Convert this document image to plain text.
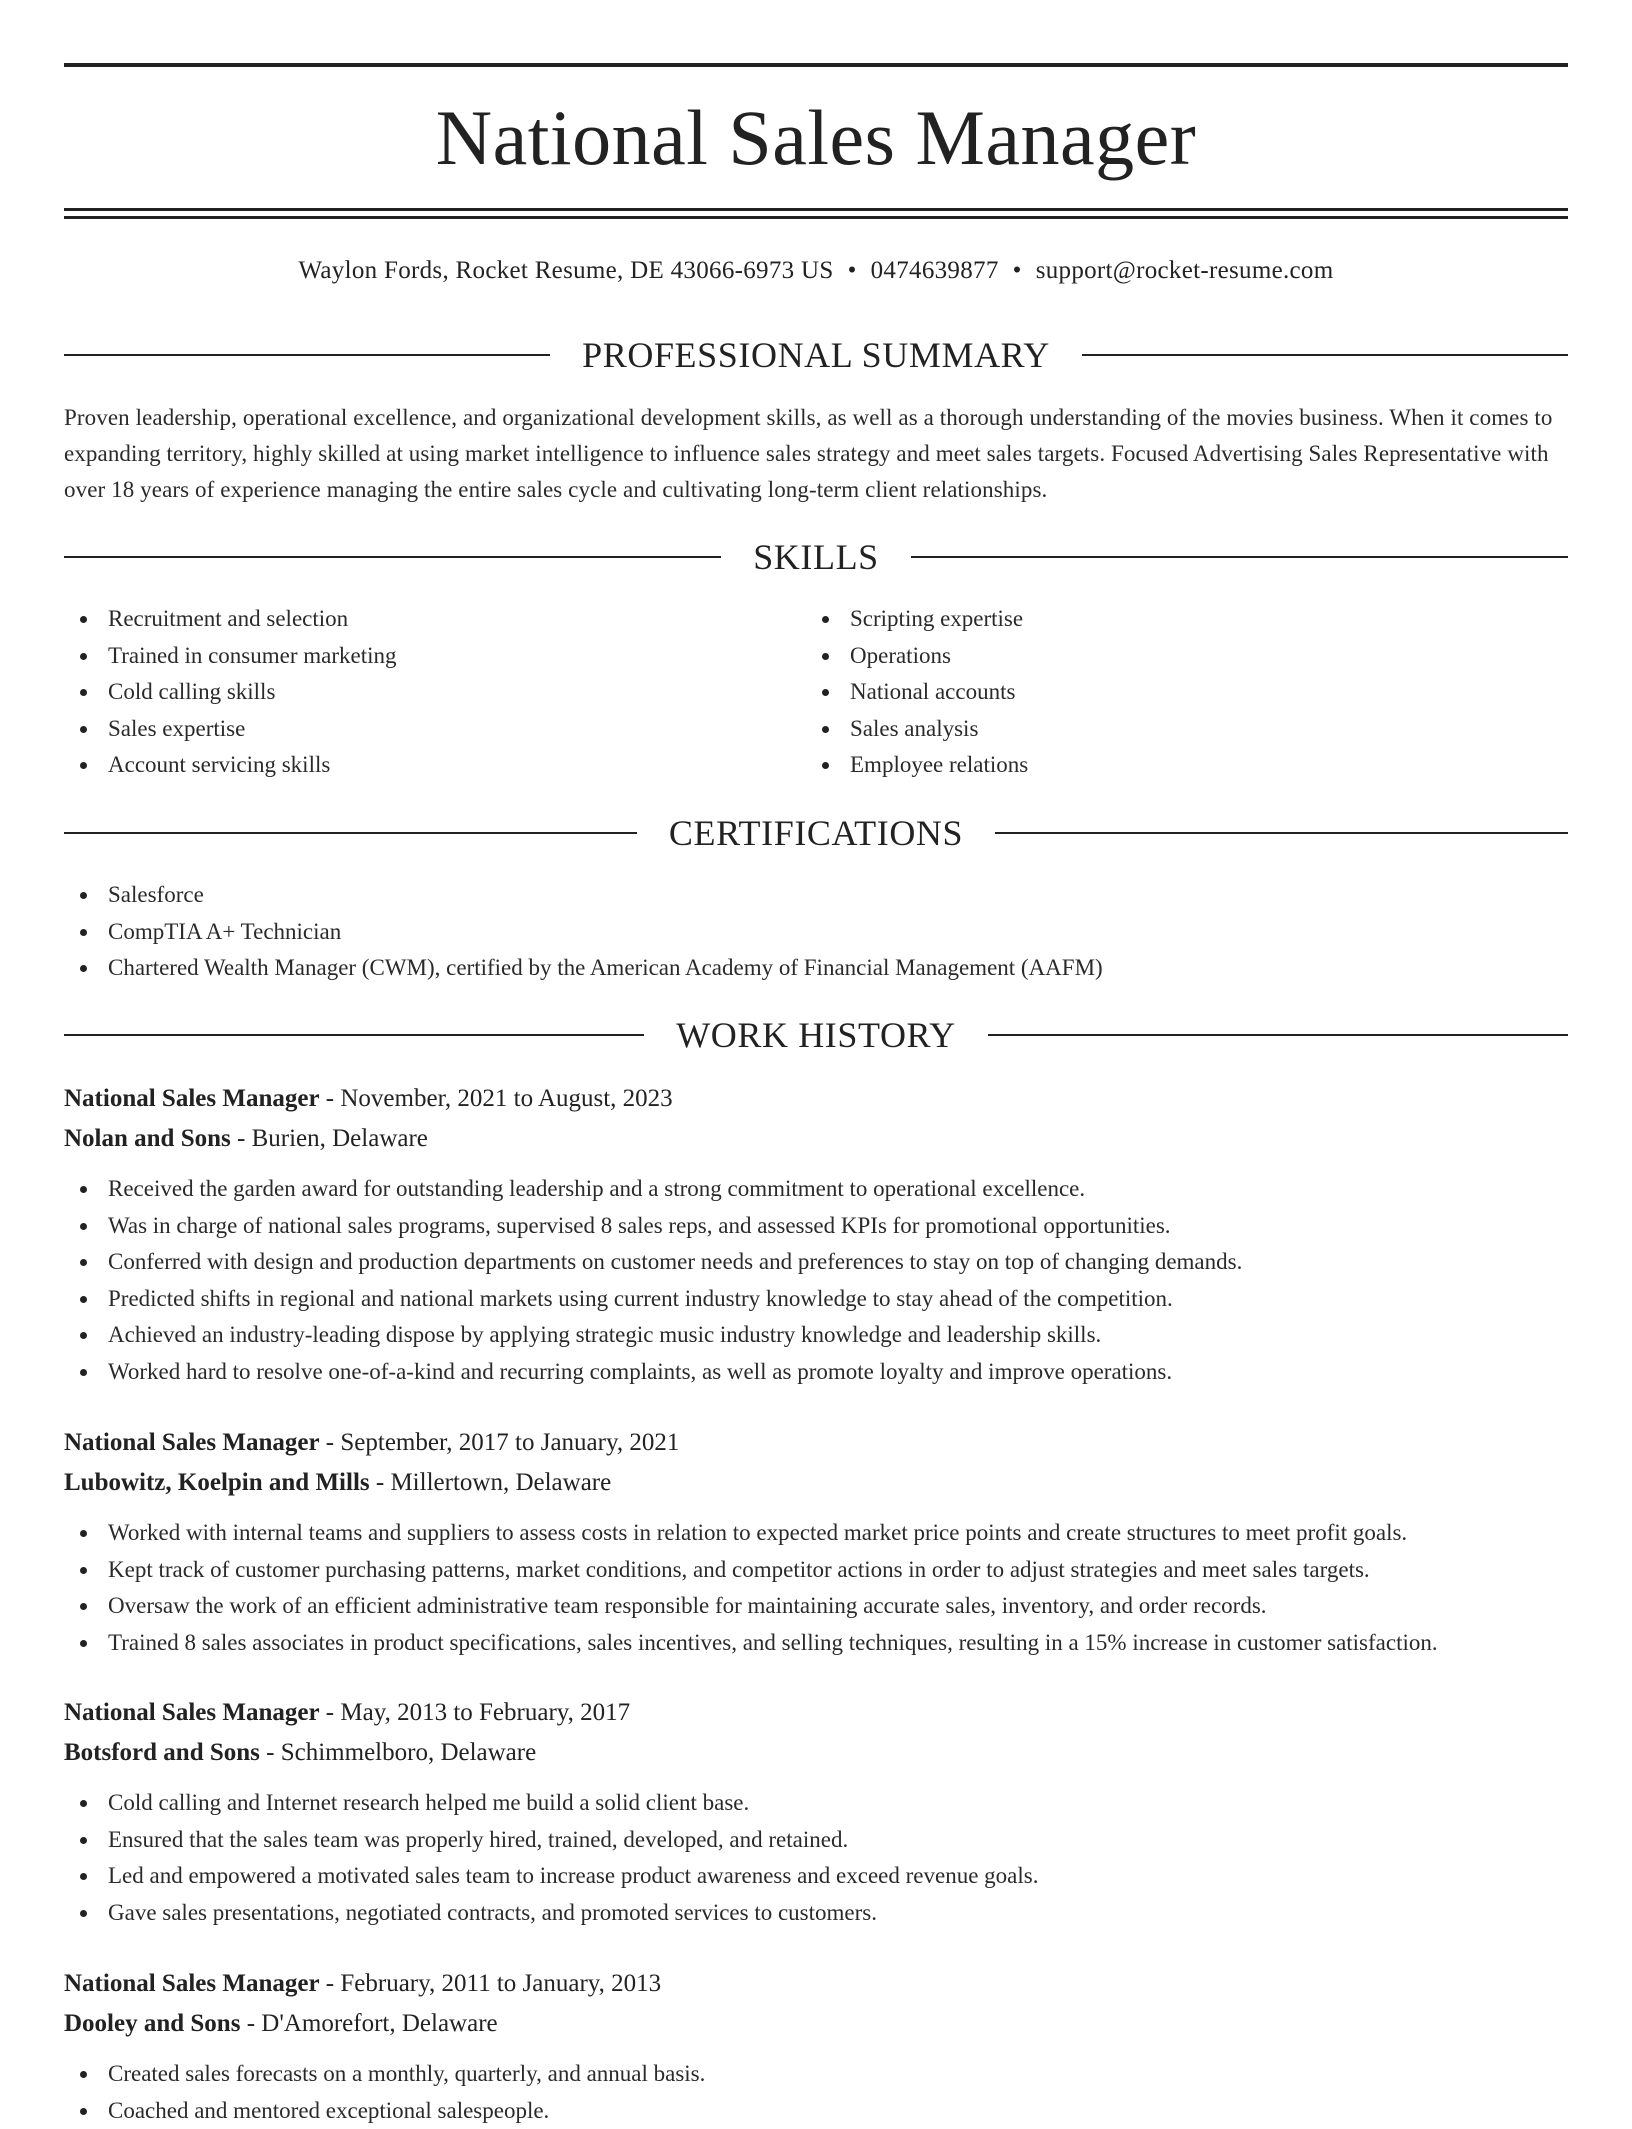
National Sales Manager
Waylon Fords, Rocket Resume, DE 43066-6973 US • 0474639877 • support@rocket-resume.com
PROFESSIONAL SUMMARY
Proven leadership, operational excellence, and organizational development skills, as well as a thorough understanding of the movies business. When it comes to expanding territory, highly skilled at using market intelligence to influence sales strategy and meet sales targets. Focused Advertising Sales Representative with over 18 years of experience managing the entire sales cycle and cultivating long-term client relationships.
SKILLS
Recruitment and selection
Trained in consumer marketing
Cold calling skills
Sales expertise
Account servicing skills
Scripting expertise
Operations
National accounts
Sales analysis
Employee relations
CERTIFICATIONS
Salesforce
CompTIA A+ Technician
Chartered Wealth Manager (CWM), certified by the American Academy of Financial Management (AAFM)
WORK HISTORY
National Sales Manager - November, 2021 to August, 2023
Nolan and Sons - Burien, Delaware
Received the garden award for outstanding leadership and a strong commitment to operational excellence.
Was in charge of national sales programs, supervised 8 sales reps, and assessed KPIs for promotional opportunities.
Conferred with design and production departments on customer needs and preferences to stay on top of changing demands.
Predicted shifts in regional and national markets using current industry knowledge to stay ahead of the competition.
Achieved an industry-leading dispose by applying strategic music industry knowledge and leadership skills.
Worked hard to resolve one-of-a-kind and recurring complaints, as well as promote loyalty and improve operations.
National Sales Manager - September, 2017 to January, 2021
Lubowitz, Koelpin and Mills - Millertown, Delaware
Worked with internal teams and suppliers to assess costs in relation to expected market price points and create structures to meet profit goals.
Kept track of customer purchasing patterns, market conditions, and competitor actions in order to adjust strategies and meet sales targets.
Oversaw the work of an efficient administrative team responsible for maintaining accurate sales, inventory, and order records.
Trained 8 sales associates in product specifications, sales incentives, and selling techniques, resulting in a 15% increase in customer satisfaction.
National Sales Manager - May, 2013 to February, 2017
Botsford and Sons - Schimmelboro, Delaware
Cold calling and Internet research helped me build a solid client base.
Ensured that the sales team was properly hired, trained, developed, and retained.
Led and empowered a motivated sales team to increase product awareness and exceed revenue goals.
Gave sales presentations, negotiated contracts, and promoted services to customers.
National Sales Manager - February, 2011 to January, 2013
Dooley and Sons - D'Amorefort, Delaware
Created sales forecasts on a monthly, quarterly, and annual basis.
Coached and mentored exceptional salespeople.
